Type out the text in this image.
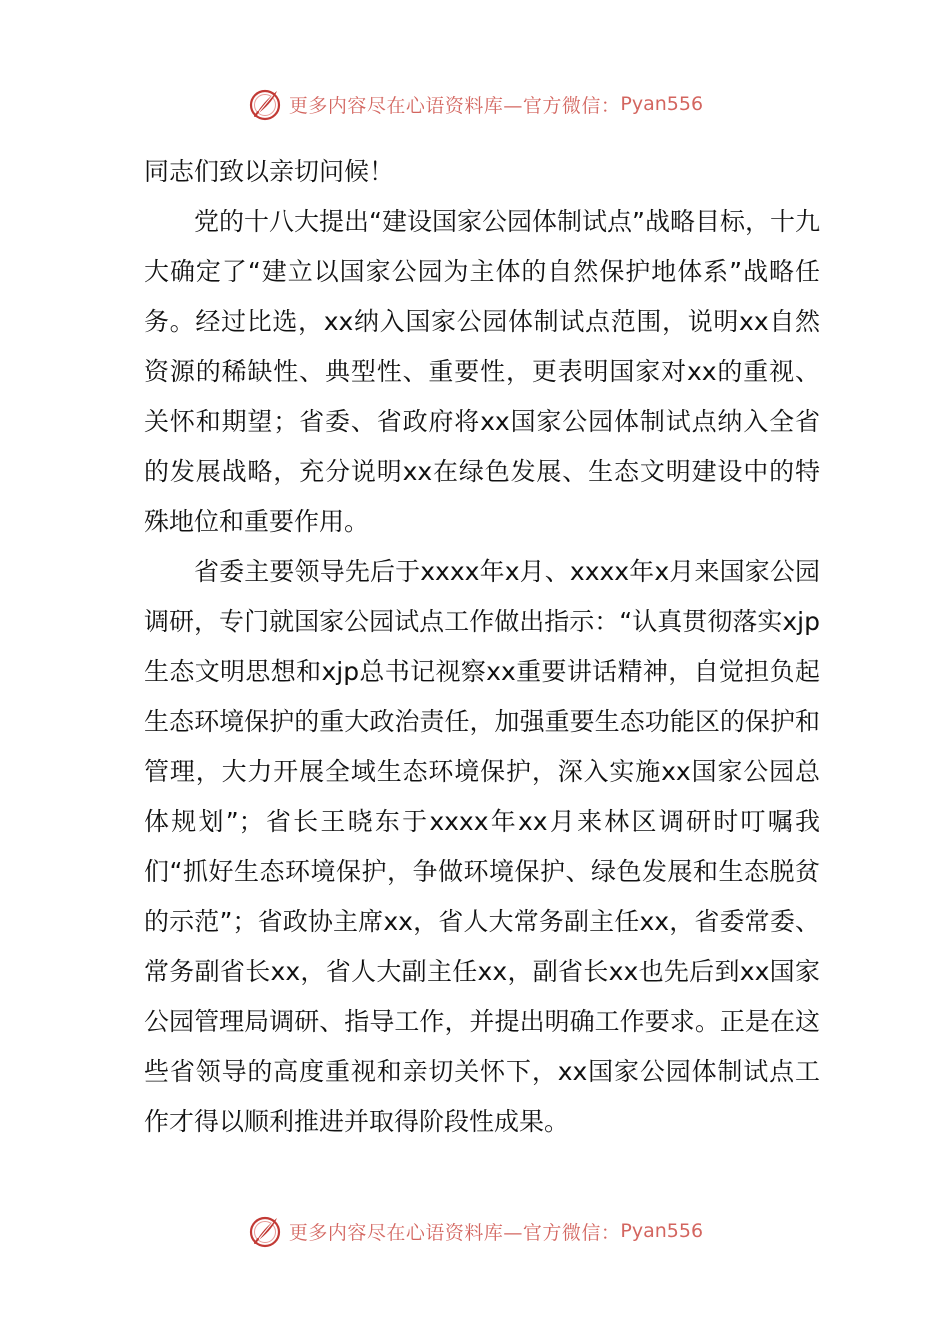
更多内容尽在心语资料库—官方微信： Pyan556

同志们致以亲切问候！

党的十八大提出“建设国家公园体制试点”战略目标，十九大确定了“建立以国家公园为主体的自然保护地体系”战略任务。经过比选，xx纳入国家公园体制试点范围，说明xx自然资源的稀缺性、典型性、重要性，更表明国家对xx的重视、关怀和期望；省委、省政府将xx国家公园体制试点纳入全省的发展战略，充分说明xx在绿色发展、生态文明建设中的特殊地位和重要作用。

省委主要领导先后于xxxx年x月、xxxx年x月来国家公园调研，专门就国家公园试点工作做出指示：“认真贯彻落实xjp生态文明思想和xjp总书记视察xx重要讲话精神，自觉担负起生态环境保护的重大政治责任，加强重要生态功能区的保护和管理，大力开展全域生态环境保护，深入实施xx国家公园总体规划”；省长王晓东于xxxx年xx月来林区调研时叮嘱我们“抓好生态环境保护，争做环境保护、绿色发展和生态脱贫的示范”；省政协主席xx，省人大常务副主任xx，省委常委、常务副省长xx，省人大副主任xx，副省长xx也先后到xx国家公园管理局调研、指导工作，并提出明确工作要求。正是在这些省领导的高度重视和亲切关怀下，xx国家公园体制试点工作才得以顺利推进并取得阶段性成果。

更多内容尽在心语资料库—官方微信： Pyan556
